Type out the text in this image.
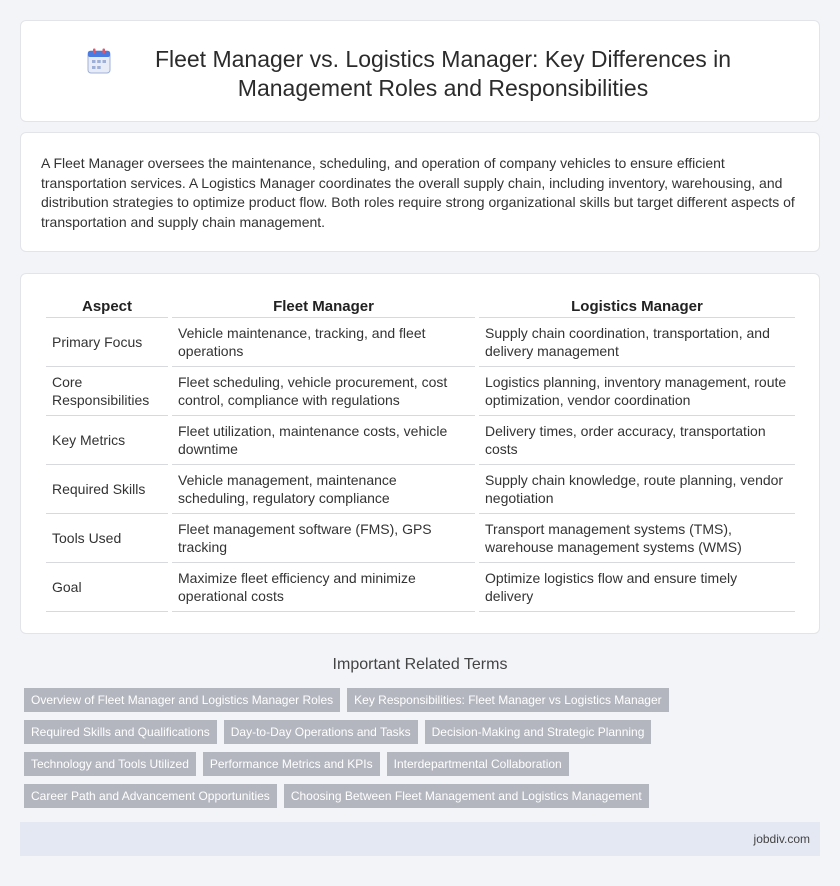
Fleet Manager vs. Logistics Manager: Key Differences in Management Roles and Responsibilities

A Fleet Manager oversees the maintenance, scheduling, and operation of company vehicles to ensure efficient transportation services. A Logistics Manager coordinates the overall supply chain, including inventory, warehousing, and distribution strategies to optimize product flow. Both roles require strong organizational skills but target different aspects of transportation and supply chain management.

Aspect	Fleet Manager	Logistics Manager
Primary Focus	Vehicle maintenance, tracking, and fleet operations	Supply chain coordination, transportation, and delivery management
Core Responsibilities	Fleet scheduling, vehicle procurement, cost control, compliance with regulations	Logistics planning, inventory management, route optimization, vendor coordination
Key Metrics	Fleet utilization, maintenance costs, vehicle downtime	Delivery times, order accuracy, transportation costs
Required Skills	Vehicle management, maintenance scheduling, regulatory compliance	Supply chain knowledge, route planning, vendor negotiation
Tools Used	Fleet management software (FMS), GPS tracking	Transport management systems (TMS), warehouse management systems (WMS)
Goal	Maximize fleet efficiency and minimize operational costs	Optimize logistics flow and ensure timely delivery
Important Related Terms
Overview of Fleet Manager and Logistics Manager Roles	Key Responsibilities: Fleet Manager vs Logistics Manager
Required Skills and Qualifications	Day-to-Day Operations and Tasks	Decision-Making and Strategic Planning
Technology and Tools Utilized	Performance Metrics and KPIs	Interdepartmental Collaboration
Career Path and Advancement Opportunities	Choosing Between Fleet Management and Logistics Management
jobdiv.com
